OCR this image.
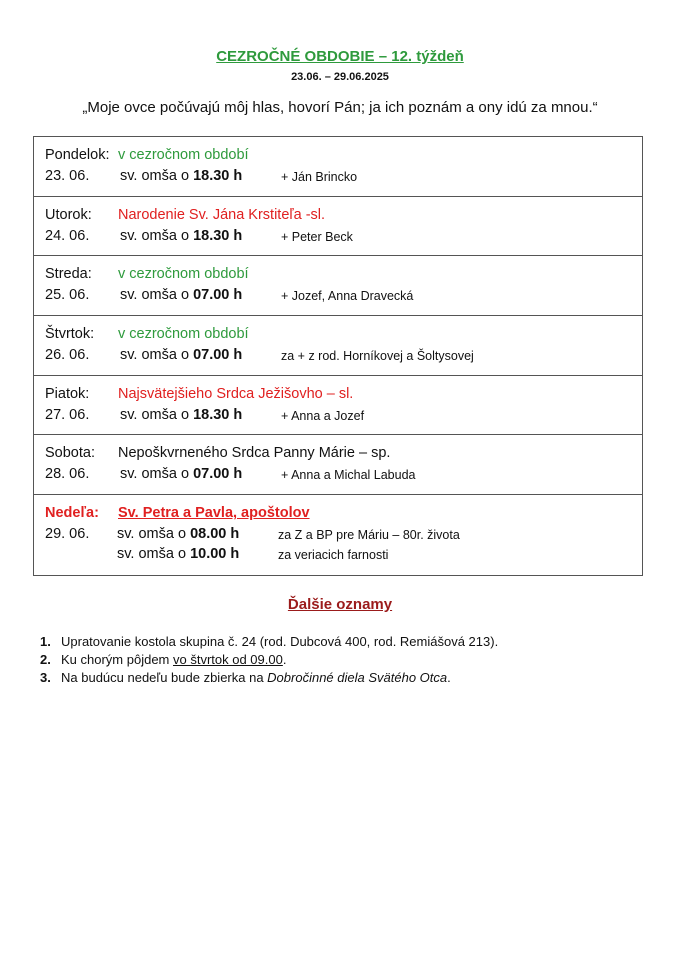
CEZROČNÉ OBDOBIE – 12. týždeň
23.06. – 29.06.2025
„Moje ovce počúvajú môj hlas, hovorí Pán; ja ich poznám a ony idú za mnou.“
Pondelok: v cezročnom období
23. 06. sv. omša o 18.30 h	+ Ján Brincko
Utorok: Narodenie Sv. Jána Krstiteľa -sl.
24. 06. sv. omša o 18.30 h	+ Peter Beck
Streda: v cezročnom období
25. 06. sv. omša o 07.00 h	+ Jozef, Anna Dravecká
Štvrtok: v cezročnom období
26. 06. sv. omša o 07.00 h	za + z rod. Horníkovej a Šoltysovej
Piatok: Najsvätejšieho Srdca Ježišovho – sl.
27. 06. sv. omša o 18.30 h	+ Anna a Jozef
Sobota: Nepoškvrneného Srdca Panny Márie – sp.
28. 06. sv. omša o 07.00 h	+ Anna a Michal Labuda
Nedeľa: Sv. Petra a Pavla, apoštolov
29. 06. sv. omša o 08.00 h	za Z a BP pre Máriu – 80r. života
sv. omša o 10.00 h	za veriacich farnosti
Ďalšie oznamy
1. Upratovanie kostola skupina č. 24 (rod. Dubcová 400, rod. Remiášová 213).
2. Ku chorým pôjdem vo štvrtok od 09.00.
3. Na budúcu nedeľu bude zbierka na Dobročinné diela Svätého Otca.
